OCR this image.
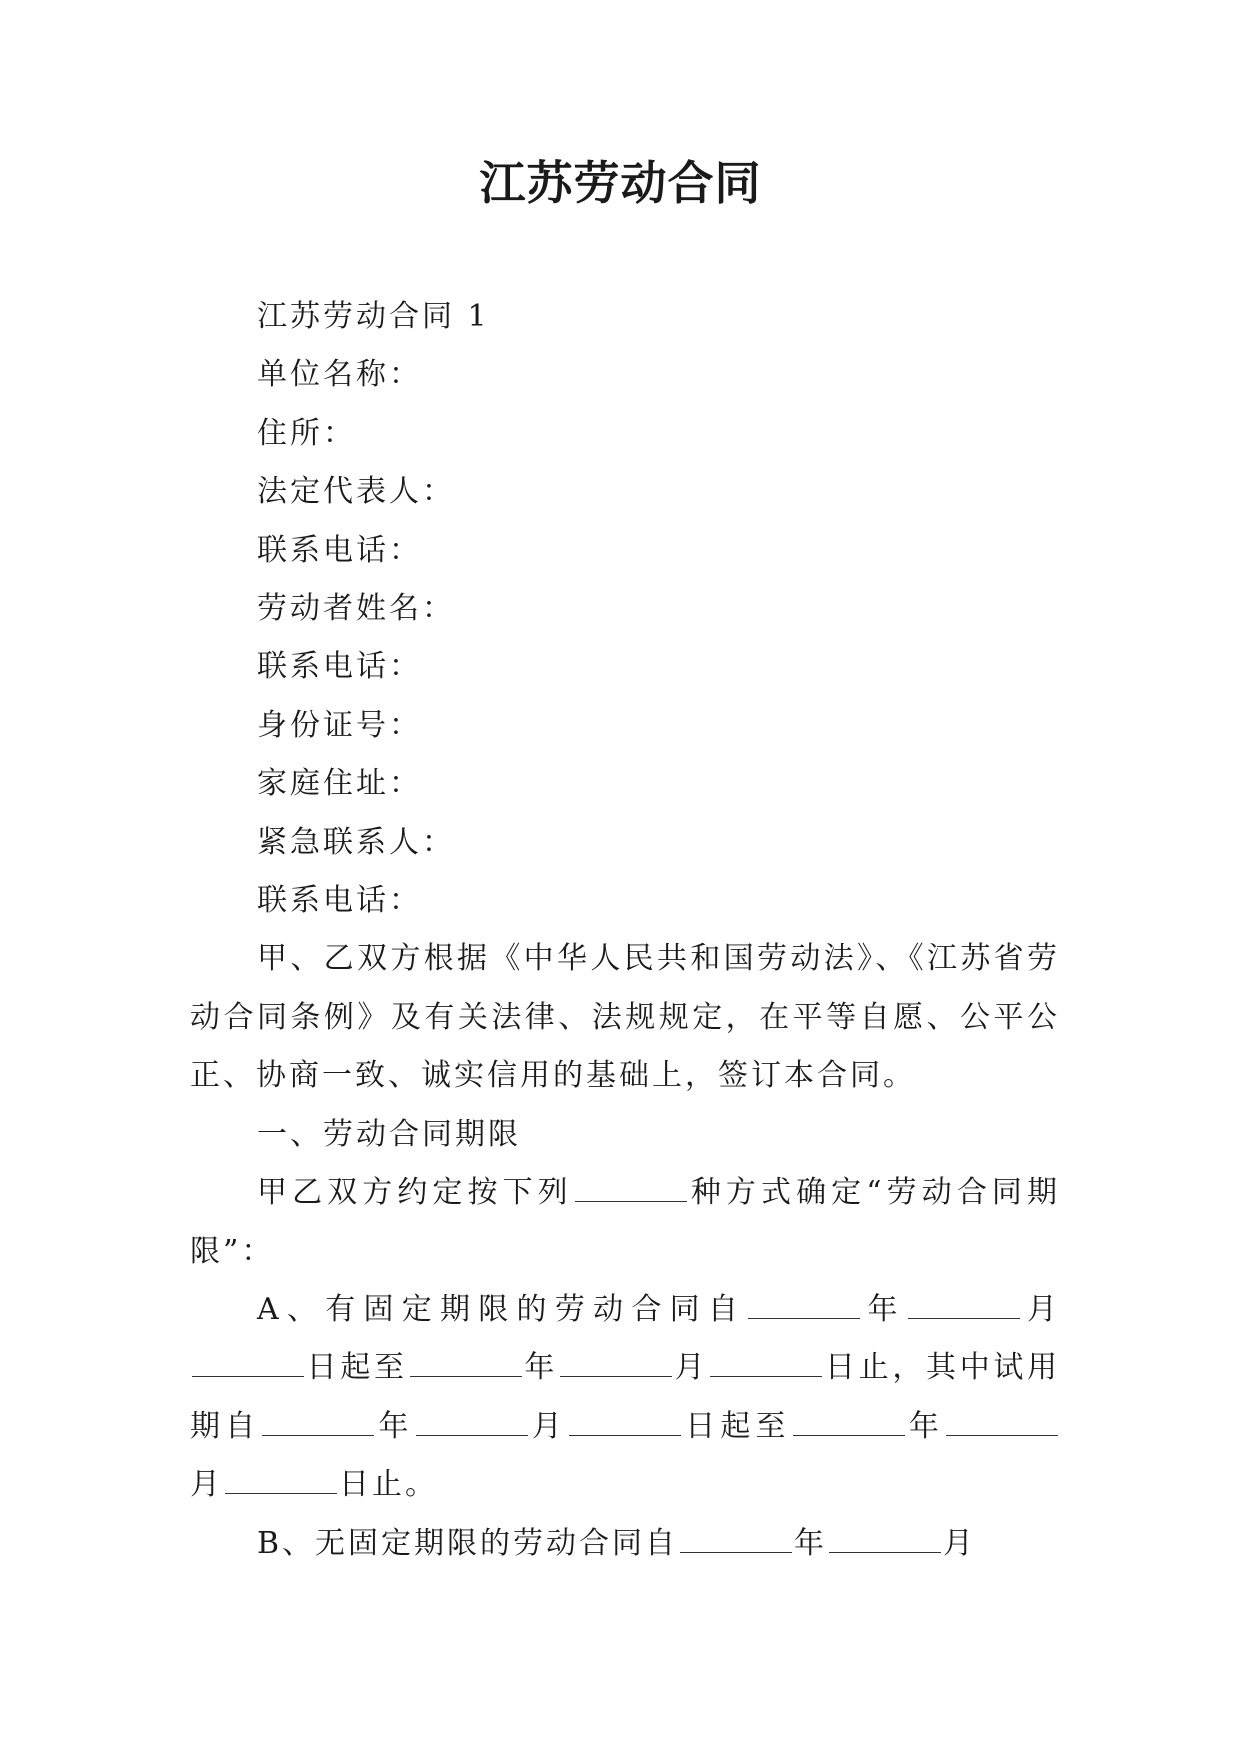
江苏劳动合同

江苏劳动合同 1

单位名称：

住所：

法定代表人：

联系电话：

劳动者姓名：

联系电话：

身份证号：

家庭住址：

紧急联系人：

联系电话：

甲、乙双方根据《中华人民共和国劳动法》、《江苏省劳动合同条例》及有关法律、法规规定，在平等自愿、公平公正、协商一致、诚实信用的基础上，签订本合同。

一、劳动合同期限

甲乙双方约定按下列	种方式确定“劳动合同期限”：

A、有固定期限的劳动合同自	年	月日起至	年	月	日止，其中试用期自	年	月	日起至	年月	日止。

B、无固定期限的劳动合同自	年	月
